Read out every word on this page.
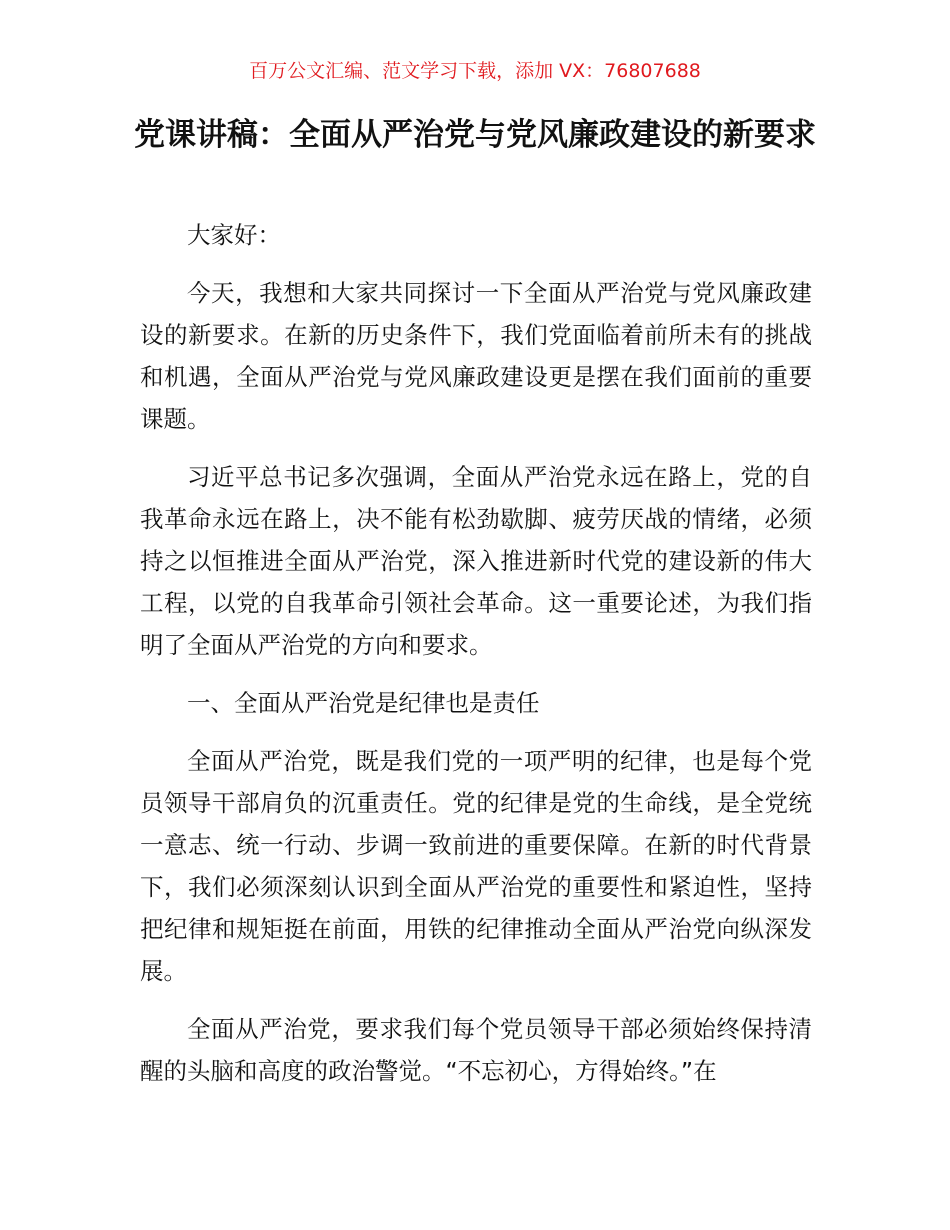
百万公文汇编、范文学习下载，添加 VX：76807688
党课讲稿：全面从严治党与党风廉政建设的新要求

大家好：

今天，我想和大家共同探讨一下全面从严治党与党风廉政建设的新要求。在新的历史条件下，我们党面临着前所未有的挑战和机遇，全面从严治党与党风廉政建设更是摆在我们面前的重要课题。

习近平总书记多次强调，全面从严治党永远在路上，党的自我革命永远在路上，决不能有松劲歇脚、疲劳厌战的情绪，必须持之以恒推进全面从严治党，深入推进新时代党的建设新的伟大工程，以党的自我革命引领社会革命。这一重要论述，为我们指明了全面从严治党的方向和要求。

一、全面从严治党是纪律也是责任

全面从严治党，既是我们党的一项严明的纪律，也是每个党员领导干部肩负的沉重责任。党的纪律是党的生命线，是全党统一意志、统一行动、步调一致前进的重要保障。在新的时代背景下，我们必须深刻认识到全面从严治党的重要性和紧迫性，坚持把纪律和规矩挺在前面，用铁的纪律推动全面从严治党向纵深发展。

全面从严治党，要求我们每个党员领导干部必须始终保持清醒的头脑和高度的政治警觉。“不忘初心，方得始终。”在
